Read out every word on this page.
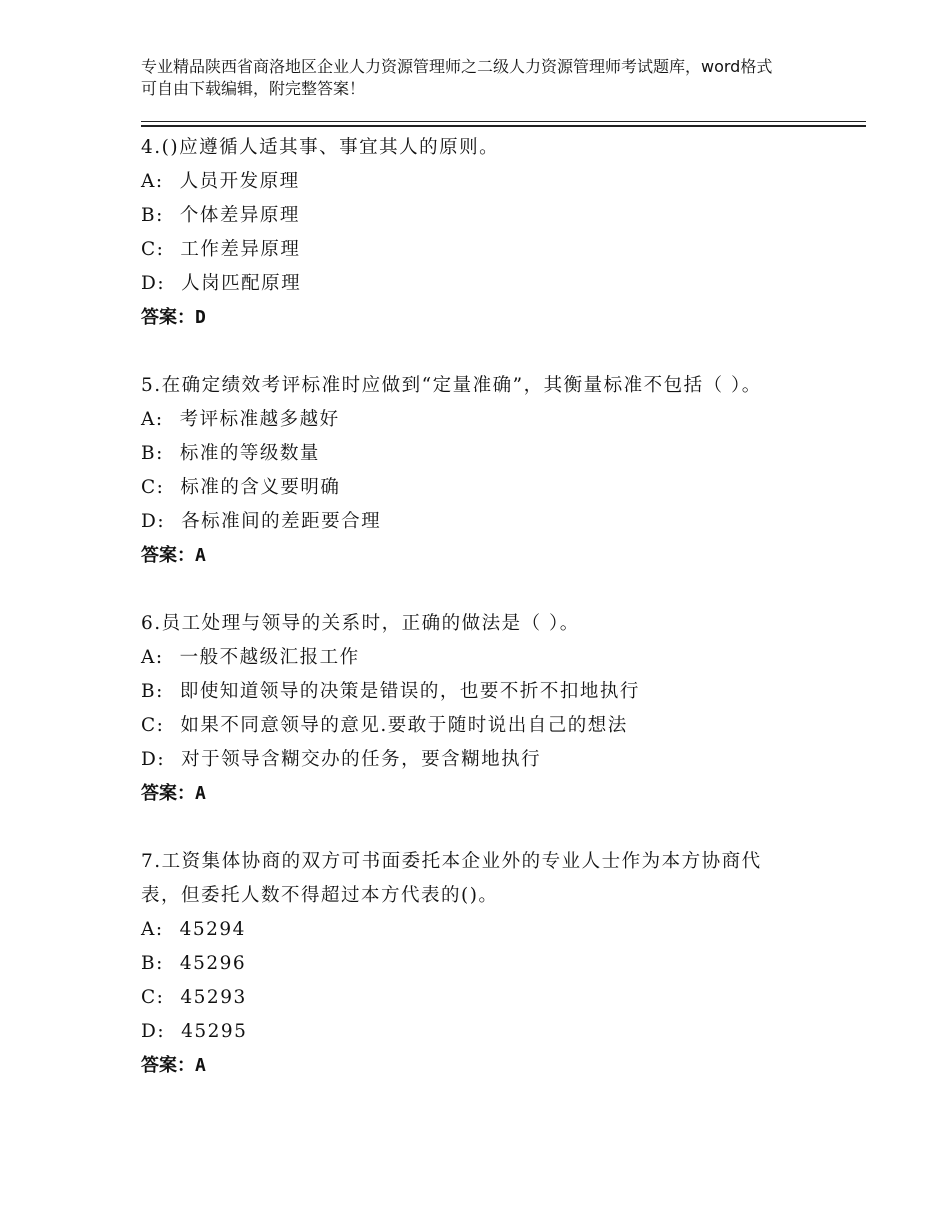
专业精品陕西省商洛地区企业人力资源管理师之二级人力资源管理师考试题库，word格式可自由下载编辑，附完整答案！
4.()应遵循人适其事、事宜其人的原则。
A: 人员开发原理
B: 个体差异原理
C: 工作差异原理
D: 人岗匹配原理
答案：D
5.在确定绩效考评标准时应做到“定量准确”，其衡量标准不包括（ ）。
A: 考评标准越多越好
B: 标准的等级数量
C: 标准的含义要明确
D: 各标准间的差距要合理
答案：A
6.员工处理与领导的关系时，正确的做法是（ ）。
A: 一般不越级汇报工作
B: 即使知道领导的决策是错误的，也要不折不扣地执行
C: 如果不同意领导的意见.要敢于随时说出自己的想法
D: 对于领导含糊交办的任务，要含糊地执行
答案：A
7.工资集体协商的双方可书面委托本企业外的专业人士作为本方协商代表，但委托人数不得超过本方代表的()。
A: 45294
B: 45296
C: 45293
D: 45295
答案：A
